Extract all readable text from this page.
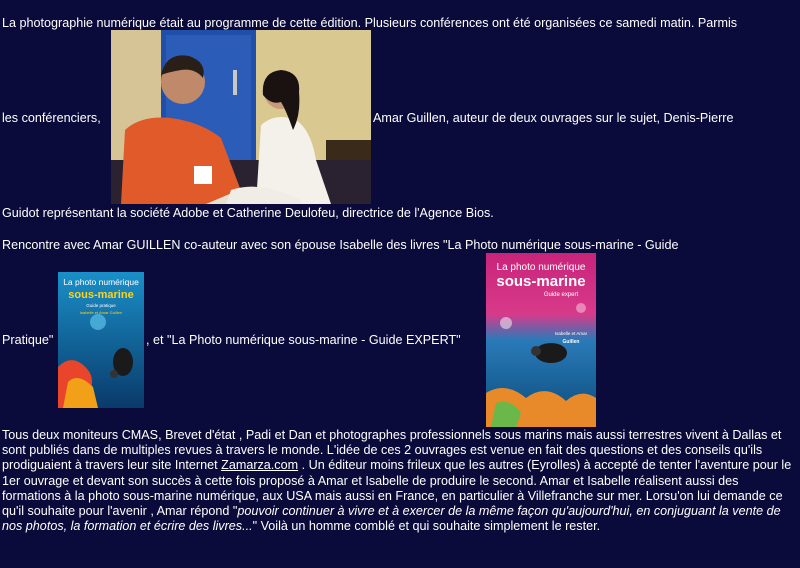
La photographie numérique était au programme de cette édition. Plusieurs conférences ont été organisées ce samedi matin. Parmis
les conférenciers,	Amar Guillen, auteur de deux ouvrages sur le sujet, Denis-Pierre
Guidot représentant la société Adobe et Catherine Deulofeu, directrice de l'Agence Bios.
Rencontre avec Amar GUILLEN co-auteur avec son épouse Isabelle des livres "La Photo numérique sous-marine - Guide
La photo numérique
sous-marine
Guide pratique
Isabelle et Amar Guillen
Pratique"	, et "La Photo numérique sous-marine - Guide EXPERT"
La photo numérique
sous-marine
Guide expert
Isabelle et Amar
Guillen
Tous deux moniteurs CMAS, Brevet d'état , Padi et Dan et photographes professionnels sous marins mais aussi terrestres vivent à Dallas et sont publiés dans de multiples revues à travers le monde. L'idée de ces 2 ouvrages est venue en fait des questions et des conseils qu'ils prodiguaient à travers leur site Internet Zamarza.com . Un éditeur moins frileux que les autres (Eyrolles) à accepté de tenter l'aventure pour le 1er ouvrage et devant son succès à cette fois proposé à Amar et Isabelle de produire le second. Amar et Isabelle réalisent aussi des formations à la photo sous-marine numérique, aux USA mais aussi en France, en particulier à Villefranche sur mer. Lorsu'on lui demande ce qu'il souhaite pour l'avenir , Amar répond "pouvoir continuer à vivre et à exercer de la même façon qu'aujourd'hui, en conjuguant la vente de nos photos, la formation et écrire des livres..." Voilà un homme comblé et qui souhaite simplement le rester.
